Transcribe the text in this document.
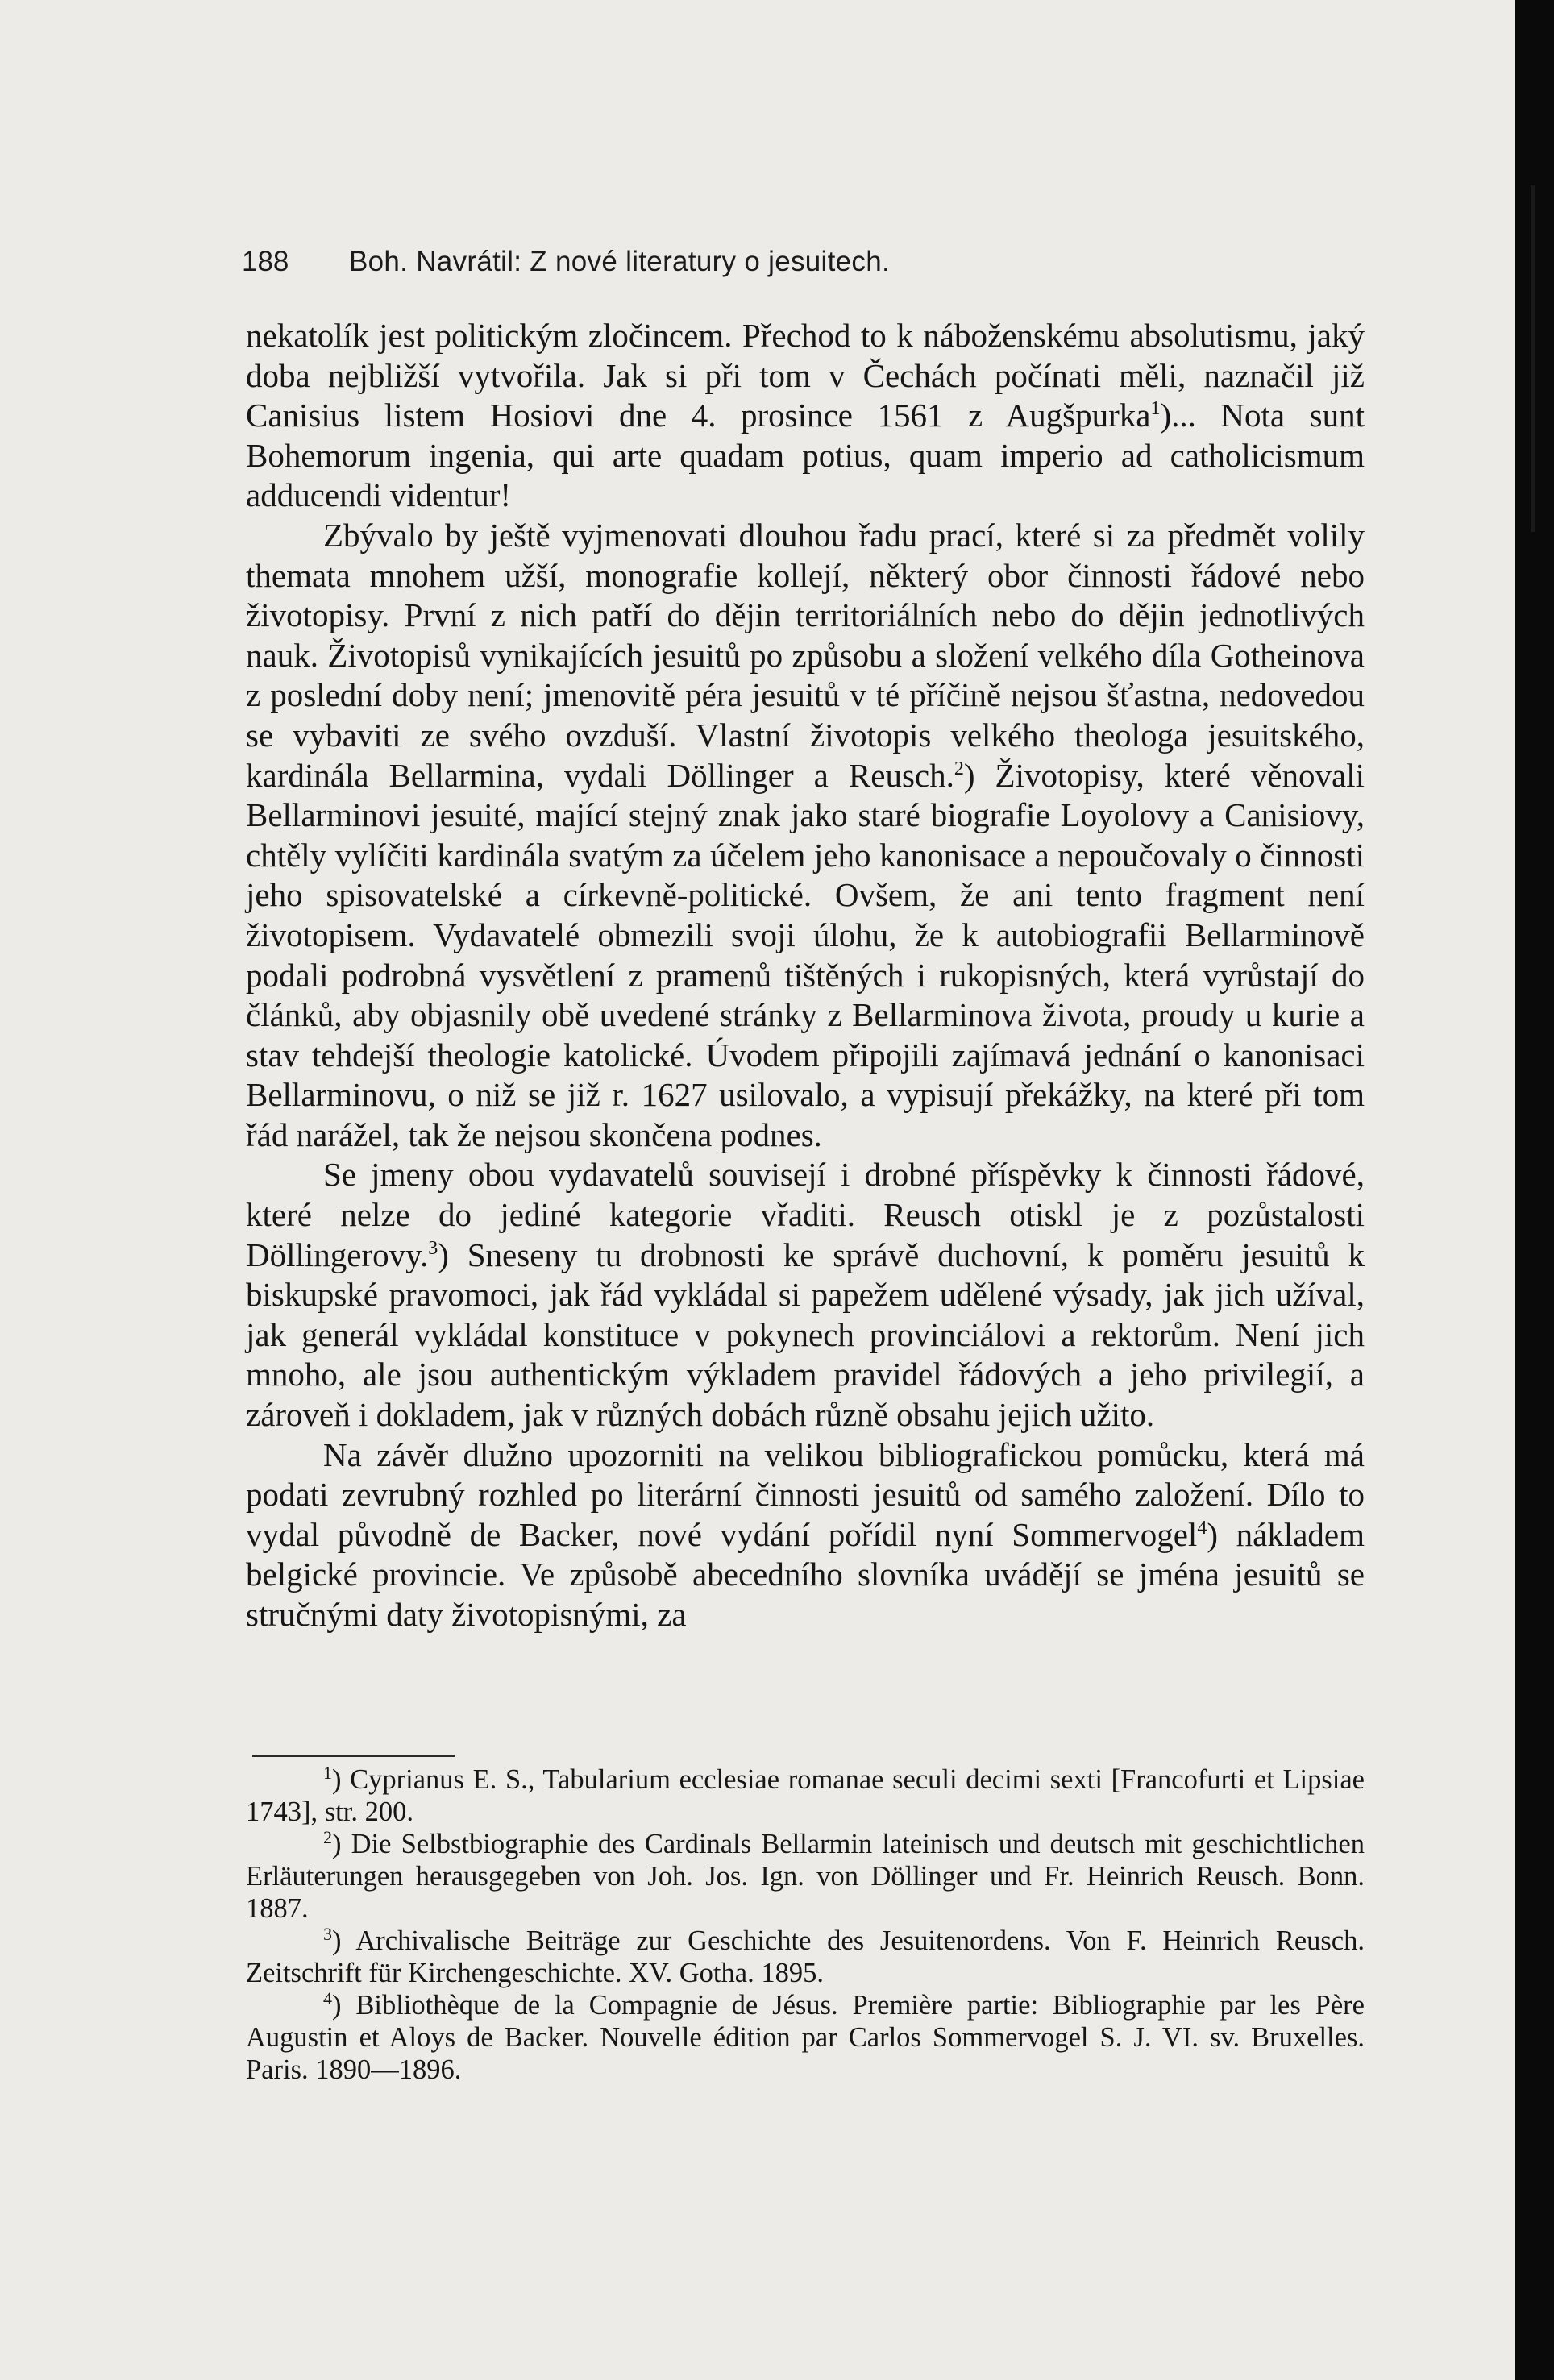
188 Boh. Navrátil: Z nové literatury o jesuitech.

nekatolík jest politickým zločincem. Přechod to k náboženskému absolutismu, jaký doba nejbližší vytvořila. Jak si při tom v Čechách počínati měli, naznačil již Canisius listem Hosiovi dne 4. prosince 1561 z Augšpurka$^1$)... Nota sunt Bohemorum ingenia, qui arte quadam potius, quam imperio ad catholicismum adducendi videntur!

Zbývalo by ještě vyjmenovati dlouhou řadu prací, které si za předmět volily themata mnohem užší, monografie kollejí, některý obor činnosti řádové nebo životopisy. První z nich patří do dějin territoriálních nebo do dějin jednotlivých nauk. Životopisů vynikajících jesuitů po způsobu a složení velkého díla Gotheinova z poslední doby není; jmenovitě péra jesuitů v té příčině nejsou šťastna, nedovedou se vybaviti ze svého ovzduší. Vlastní životopis velkého theologa jesuitského, kardinála Bellarmina, vydali Döllinger a Reusch.$^2$) Životopisy, které věnovali Bellarminovi jesuité, mající stejný znak jako staré biografie Loyolovy a Canisiovy, chtěly vylíčiti kardinála svatým za účelem jeho kanonisace a nepoučovaly o činnosti jeho spisovatelské a církevně-politické. Ovšem, že ani tento fragment není životopisem. Vydavatelé obmezili svoji úlohu, že k autobiografii Bellarminově podali podrobná vysvětlení z pramenů tištěných i rukopisných, která vyrůstají do článků, aby objasnily obě uvedené stránky z Bellarminova života, proudy u kurie a stav tehdejší theologie katolické. Úvodem připojili zajímavá jednání o kanonisaci Bellarminovu, o niž se již r. 1627 usilovalo, a vypisují překážky, na které při tom řád narážel, tak že nejsou skončena podnes.

Se jmeny obou vydavatelů souvisejí i drobné příspěvky k činnosti řádové, které nelze do jediné kategorie vřaditi. Reusch otiskl je z pozůstalosti Döllingerovy.$^3$) Sneseny tu drobnosti ke správě duchovní, k poměru jesuitů k biskupské pravomoci, jak řád vykládal si papežem udělené výsady, jak jich užíval, jak generál vykládal konstituce v pokynech provinciálovi a rektorům. Není jich mnoho, ale jsou authentickým výkladem pravidel řádových a jeho privilegií, a zároveň i dokladem, jak v různých dobách různě obsahu jejich užito.

Na závěr dlužno upozorniti na velikou bibliografickou pomůcku, která má podati zevrubný rozhled po literární činnosti jesuitů od samého založení. Dílo to vydal původně de Backer, nové vydání pořídil nyní Sommervogel$^4$) nákladem belgické provincie. Ve způsobě abecedního slovníka uvádějí se jména jesuitů se stručnými daty životopisnými, za

$^1$) Cyprianus E. S., Tabularium ecclesiae romanae seculi decimi sexti [Francofurti et Lipsiae 1743], str. 200.

$^2$) Die Selbstbiographie des Cardinals Bellarmin lateinisch und deutsch mit geschichtlichen Erläuterungen herausgegeben von Joh. Jos. Ign. von Döllinger und Fr. Heinrich Reusch. Bonn. 1887.

$^3$) Archivalische Beiträge zur Geschichte des Jesuitenordens. Von F. Heinrich Reusch. Zeitschrift für Kirchengeschichte. XV. Gotha. 1895.

$^4$) Bibliothèque de la Compagnie de Jésus. Première partie: Bibliographie par les Père Augustin et Aloys de Backer. Nouvelle édition par Carlos Sommervogel S. J. VI. sv. Bruxelles. Paris. 1890—1896.
